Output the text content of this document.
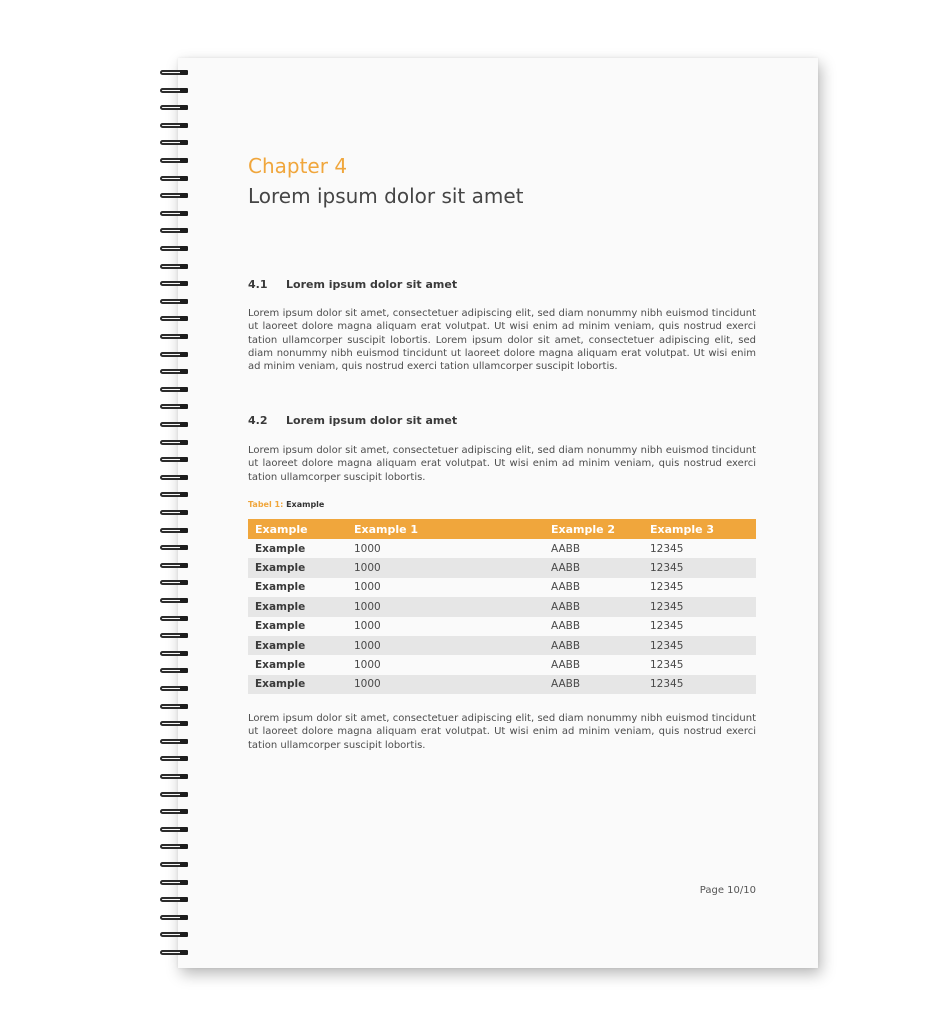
Chapter 4
Lorem ipsum dolor sit amet
4.1 Lorem ipsum dolor sit amet

Lorem ipsum dolor sit amet, consectetuer adipiscing elit, sed diam nonummy nibh euismod tincidunt ut laoreet dolore magna aliquam erat volutpat. Ut wisi enim ad minim veniam, quis nostrud exerci tation ullamcorper suscipit lobortis. Lorem ipsum dolor sit amet, consectetuer adipiscing elit, sed diam nonummy nibh euismod tincidunt ut laoreet dolore magna aliquam erat volutpat. Ut wisi enim ad minim veniam, quis nostrud exerci tation ullamcorper suscipit lobortis.

4.2 Lorem ipsum dolor sit amet

Lorem ipsum dolor sit amet, consectetuer adipiscing elit, sed diam nonummy nibh euismod tincidunt ut laoreet dolore magna aliquam erat volutpat. Ut wisi enim ad minim veniam, quis nostrud exerci tation ullamcorper suscipit lobortis.

Tabel 1: Example
Example	Example 1	Example 2	Example 3
Example	1000	AABB	12345
Example	1000	AABB	12345
Example	1000	AABB	12345
Example	1000	AABB	12345
Example	1000	AABB	12345
Example	1000	AABB	12345
Example	1000	AABB	12345
Example	1000	AABB	12345

Lorem ipsum dolor sit amet, consectetuer adipiscing elit, sed diam nonummy nibh euismod tincidunt ut laoreet dolore magna aliquam erat volutpat. Ut wisi enim ad minim veniam, quis nostrud exerci tation ullamcorper suscipit lobortis.

Page 10/10
